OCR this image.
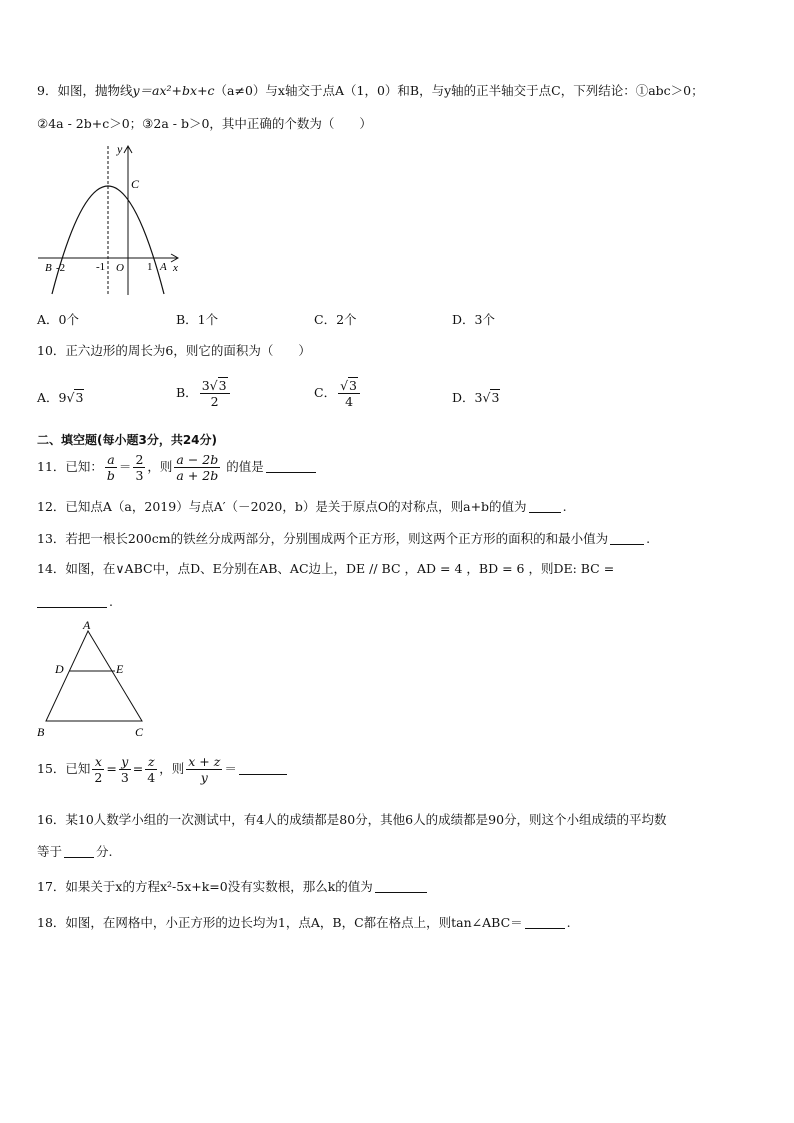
9．如图，抛物线y＝ax²+bx+c（a≠0）与x轴交于点A（1，0）和B，与y轴的正半轴交于点C，下列结论：①abc＞0；
②4a - 2b+c＞0；③2a - b＞0，其中正确的个数为（　　）
y
C
B -2	-1 O 1 A x
A．0个	B．1个	C．2个	D．3个
10．正六边形的周长为6，则它的面积为（　　）
A．9√3	B． $\frac{3√3}{2}$	C． $\frac{√3}{4}$	D．3√3
二、填空题(每小题3分，共24分)
11．已知： $\frac{a}{b} = \frac{2}{3}$ ，则 $\frac{a - 2b}{a + 2b}$ 的值是
12．已知点A（a，2019）与点A′（－2020，b）是关于原点O的对称点，则a+b的值为	.
13．若把一根长200cm的铁丝分成两部分，分别围成两个正方形，则这两个正方形的面积的和最小值为	.
14．如图，在∨ABC中，点D、E分别在AB、AC边上，DE // BC ，AD = 4 ，BD = 6 ，则DE: BC =
.
A
D	E
B	C
15．已知 $\frac{x}{2} = \frac{y}{3} = \frac{z}{4}$ ，则 $\frac{x + z}{y}$ ＝
16．某10人数学小组的一次测试中，有4人的成绩都是80分，其他6人的成绩都是90分，则这个小组成绩的平均数
等于	分.
17．如果关于x的方程x²-5x+k=0没有实数根，那么k的值为
18．如图，在网格中，小正方形的边长均为1，点A，B，C都在格点上，则tan∠ABC＝	.
